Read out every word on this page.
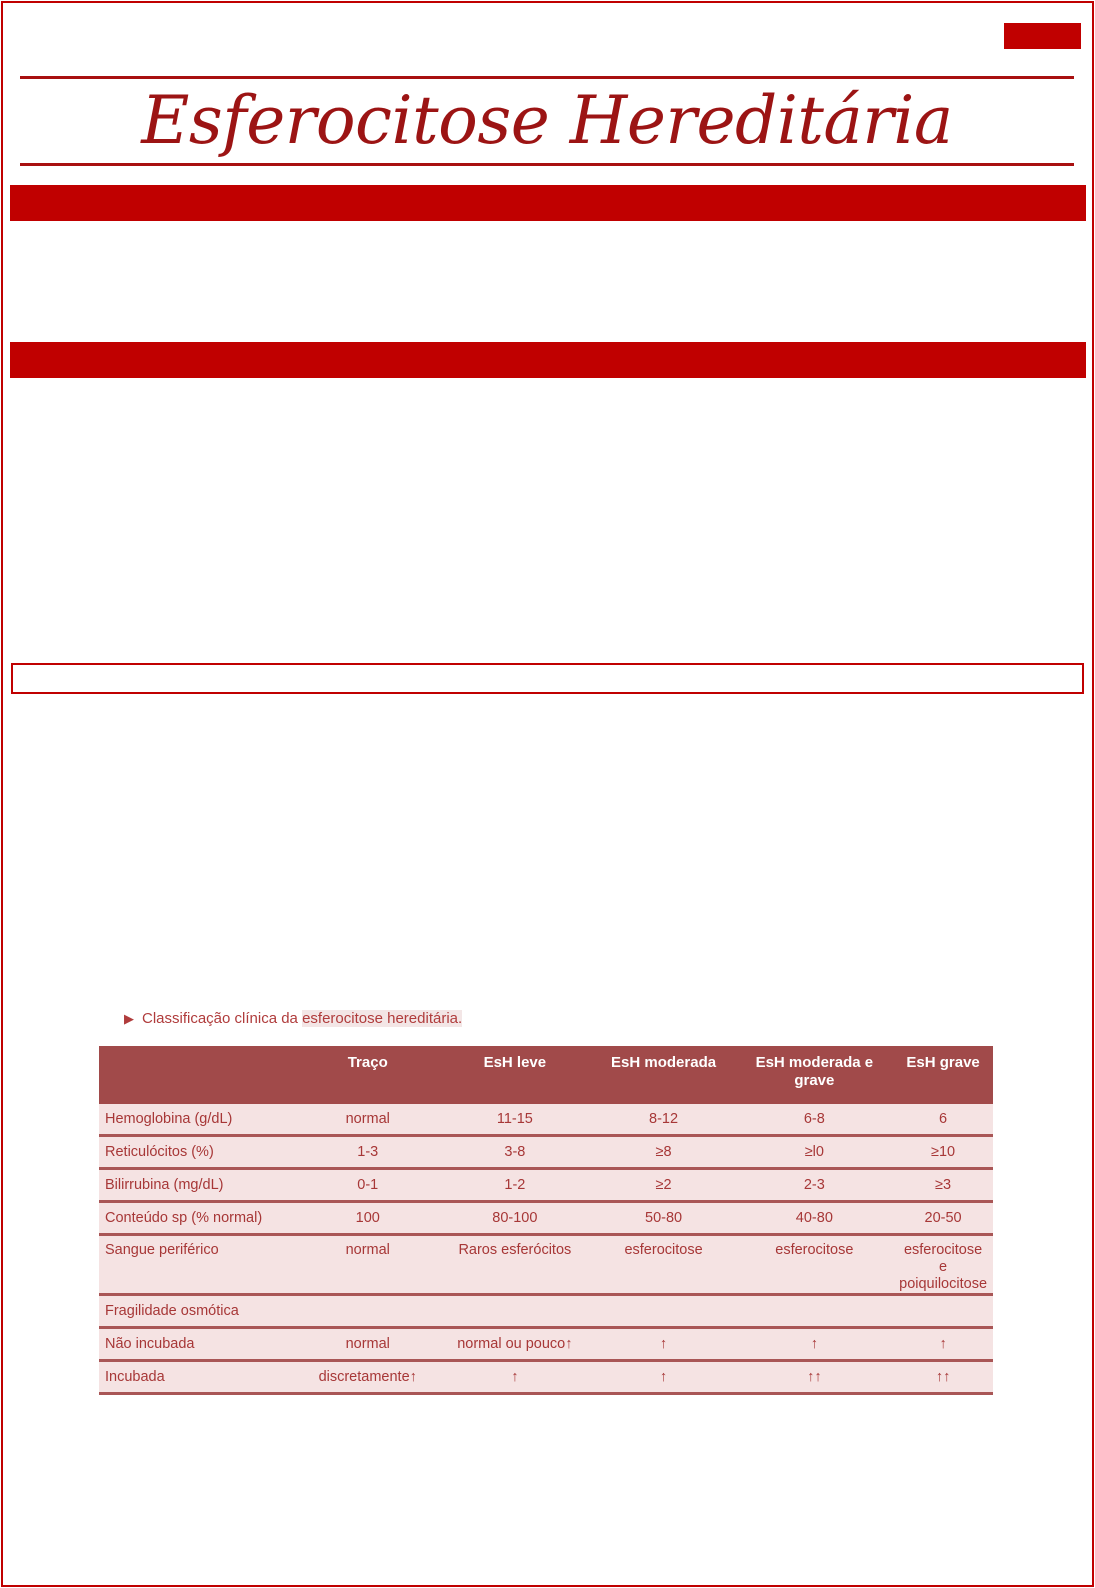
Esferocitose Hereditária
▶ Classificação clínica da esferocitose hereditária.
	Traço	EsH leve	EsH moderada	EsH moderada e grave	EsH grave
Hemoglobina (g/dL)	normal	11-15	8-12	6-8	6
Reticulócitos (%)	1-3	3-8	≥8	≥l0	≥10
Bilirrubina (mg/dL)	0-1	1-2	≥2	2-3	≥3
Conteúdo sp (% normal)	100	80-100	50-80	40-80	20-50
Sangue periférico	normal	Raros esferócitos	esferocitose	esferocitose	esferocitose e poiquilocitose
Fragilidade osmótica					
Não incubada	normal	normal ou pouco↑	↑	↑	↑
Incubada	discretamente↑	↑	↑	↑↑	↑↑
